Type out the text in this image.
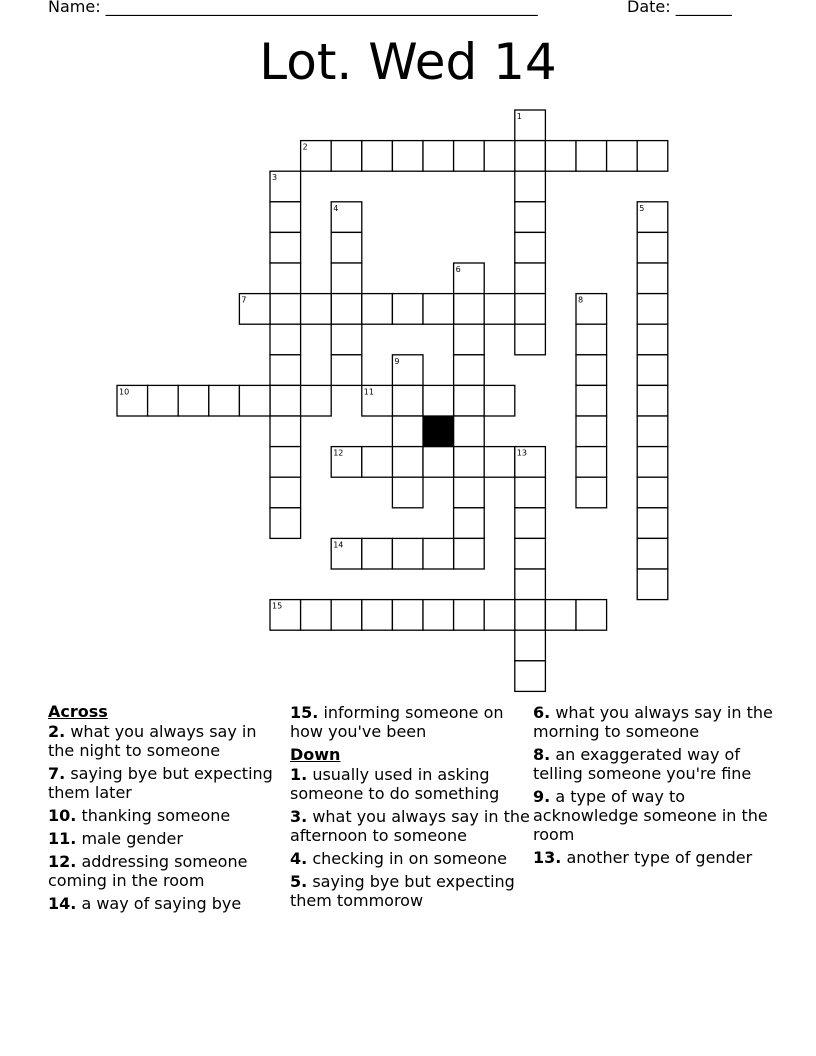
Name: ______________________________________________________	Date: _______
Lot. Wed 14
1
2
3
4	5
6
7	8
9
10	11
12	13
14
15
Across
2. what you always say in the night to someone
7. saying bye but expecting them later
10. thanking someone
11. male gender
12. addressing someone coming in the room
14. a way of saying bye
15. informing someone on how you've been
Down
1. usually used in asking someone to do something
3. what you always say in the afternoon to someone
4. checking in on someone
5. saying bye but expecting them tommorow
6. what you always say in the morning to someone
8. an exaggerated way of telling someone you're fine
9. a type of way to acknowledge someone in the room
13. another type of gender
